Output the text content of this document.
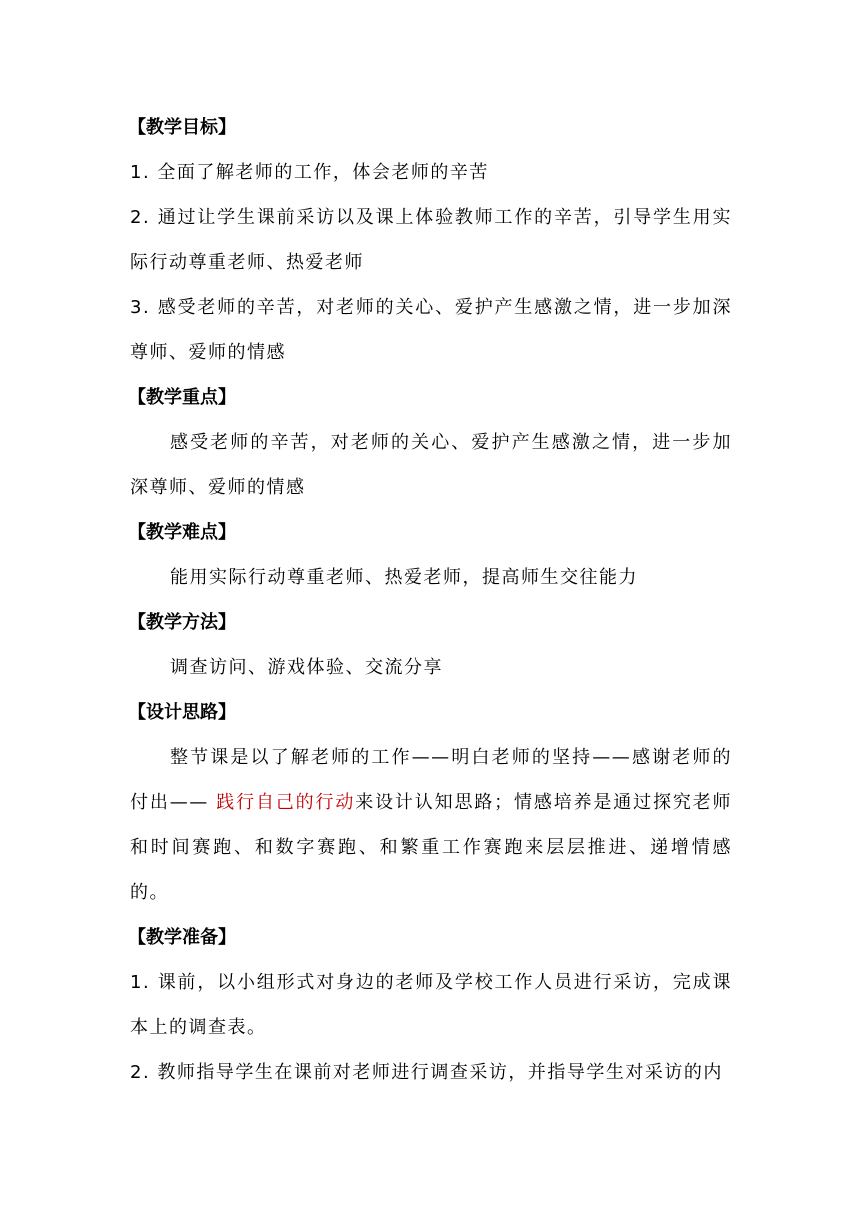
【教学目标】

1. 全面了解老师的工作，体会老师的辛苦

2. 通过让学生课前采访以及课上体验教师工作的辛苦，引导学生用实际行动尊重老师、热爱老师

3. 感受老师的辛苦，对老师的关心、爱护产生感激之情，进一步加深尊师、爱师的情感

【教学重点】

感受老师的辛苦，对老师的关心、爱护产生感激之情，进一步加深尊师、爱师的情感

【教学难点】

能用实际行动尊重老师、热爱老师，提高师生交往能力

【教学方法】

调查访问、游戏体验、交流分享

【设计思路】

整节课是以了解老师的工作——明白老师的坚持——感谢老师的付出—— 践行自己的行动来设计认知思路；情感培养是通过探究老师和时间赛跑、和数字赛跑、和繁重工作赛跑来层层推进、递增情感的。

【教学准备】

1. 课前，以小组形式对身边的老师及学校工作人员进行采访，完成课本上的调查表。

2. 教师指导学生在课前对老师进行调查采访，并指导学生对采访的内
